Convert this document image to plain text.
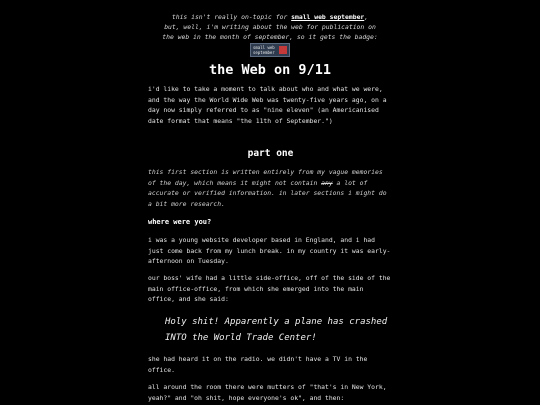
this isn't really on-topic for small web september,
but, well, i'm writing about the web for publication on
the web in the month of september, so it gets the badge:
small web
september
the Web on 9/11
i'd like to take a moment to talk about who and what we were, and the way the World Wide Web was twenty-five years ago, on a day now simply referred to as "nine eleven" (an Americanised date format that means "the 11th of September.")
part one
this first section is written entirely from my vague memories of the day, which means it might not contain any a lot of accurate or verified information. in later sections i might do a bit more research.
where were you?
i was a young website developer based in England, and i had just come back from my lunch break. in my country it was early-afternoon on Tuesday.
our boss' wife had a little side-office, off of the side of the main office-office, from which she emerged into the main office, and she said:
Holy shit! Apparently a plane has crashed INTO the World Trade Center!
she had heard it on the radio. we didn't have a TV in the office.
all around the room there were mutters of "that's in New York, yeah?" and "oh shit, hope everyone's ok", and then:
